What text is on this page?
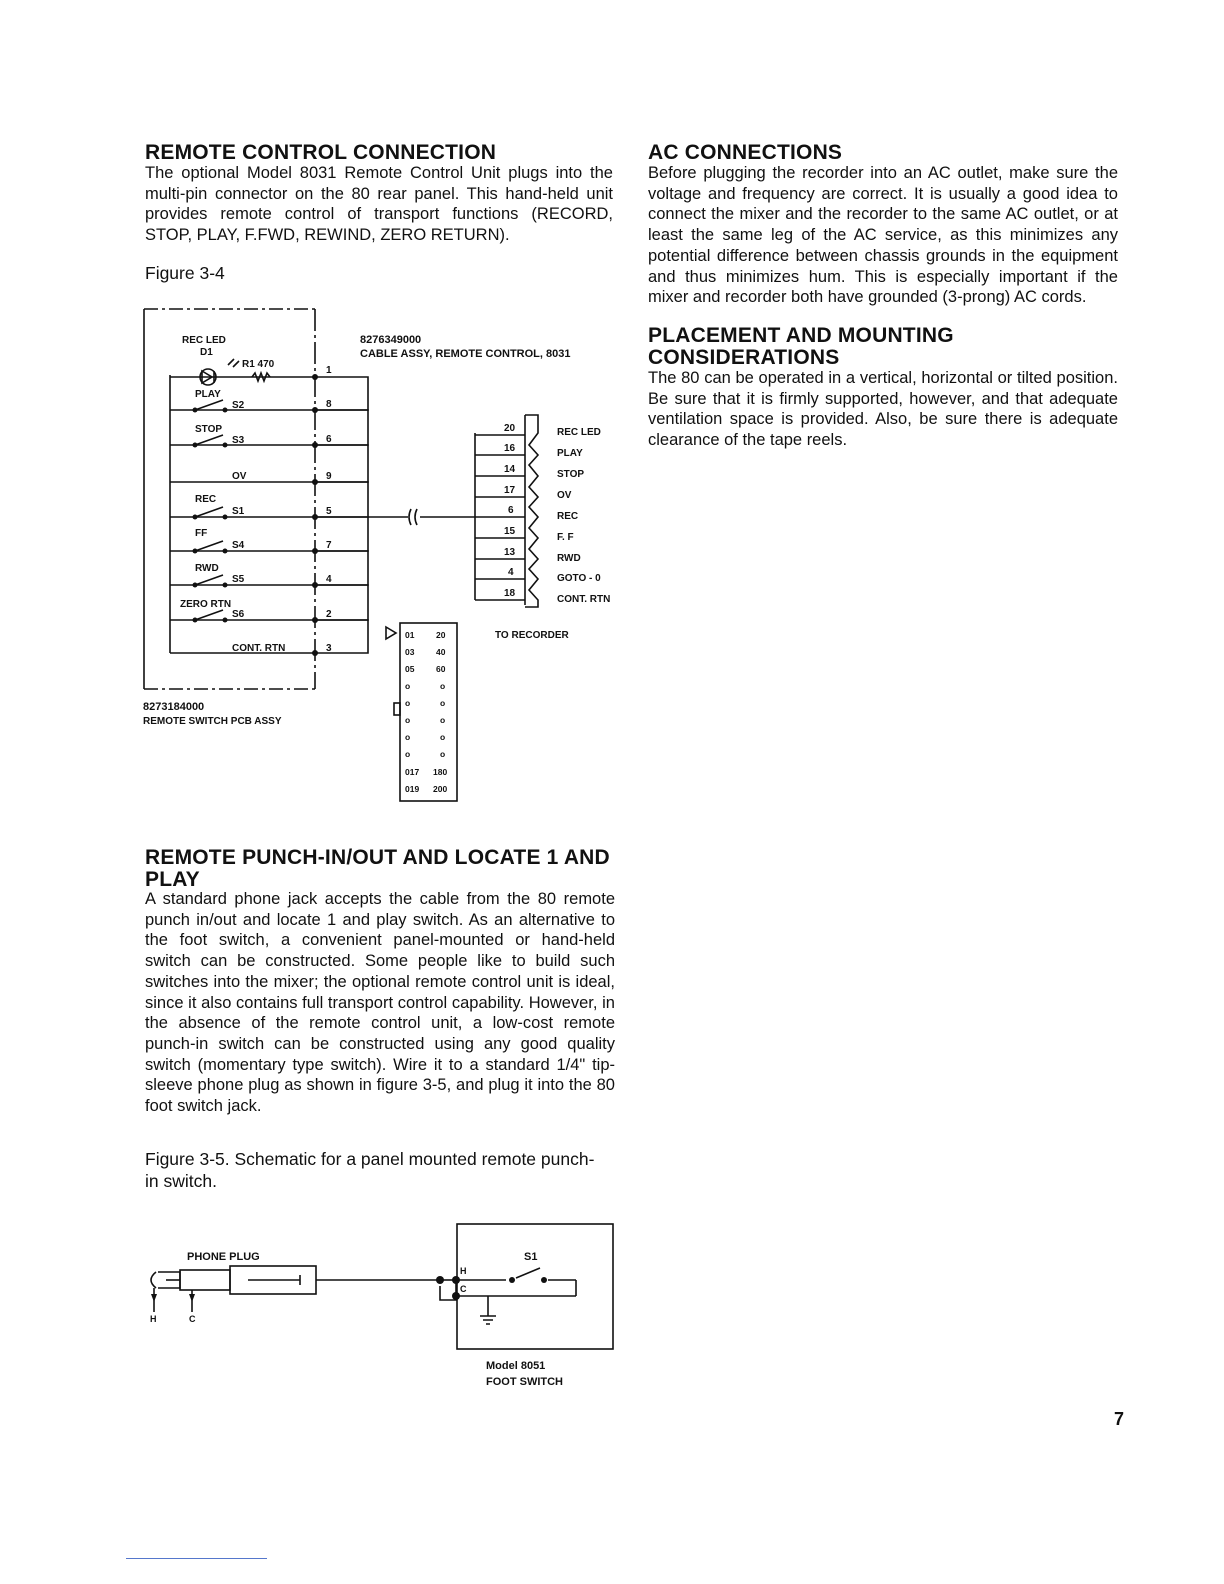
REMOTE CONTROL CONNECTION

The optional Model 8031 Remote Control Unit plugs into the multi-pin connector on the 80 rear panel. This hand-held unit provides remote control of transport functions (RECORD, STOP, PLAY, F.FWD, REWIND, ZERO RETURN).

Figure 3-4

REC LED
D1
R1 470
8276349000
CABLE ASSY, REMOTE CONTROL, 8031
PLAY
S2
STOP
S3
OV
REC
S1
FF
S4
RWD
S5
ZERO RTN
S6
CONT. RTN
1
8
6
9
5
7
4
2
3
20
16
14
17
6
15
13
4
18
REC LED
PLAY
STOP
OV
REC
F. F
RWD
GOTO - 0
CONT. RTN
TO RECORDER
8273184000
REMOTE SWITCH PCB ASSY
01	20
03	40
05	60
o	o
o	o
o	o
o	o
o	o
017 180
019 200
REMOTE PUNCH-IN/OUT AND LOCATE 1 AND PLAY

A standard phone jack accepts the cable from the 80 remote punch in/out and locate 1 and play switch. As an alternative to the foot switch, a convenient panel-mounted or hand-held switch can be constructed. Some people like to build such switches into the mixer; the optional remote control unit is ideal, since it also contains full transport control capability. However, in the absence of the remote control unit, a low-cost remote punch-in switch can be constructed using any good quality switch (momentary type switch). Wire it to a standard 1/4" tip-sleeve phone plug as shown in figure 3-5, and plug it into the 80 foot switch jack.

Figure 3-5. Schematic for a panel mounted remote punch-in switch.

PHONE PLUG
H	C
H
C
S1
Model 8051
FOOT SWITCH
AC CONNECTIONS

Before plugging the recorder into an AC outlet, make sure the voltage and frequency are correct. It is usually a good idea to connect the mixer and the recorder to the same AC outlet, or at least the same leg of the AC service, as this minimizes any potential difference between chassis grounds in the equipment and thus minimizes hum. This is especially important if the mixer and recorder both have grounded (3-prong) AC cords.

PLACEMENT AND MOUNTING CONSIDERATIONS

The 80 can be operated in a vertical, horizontal or tilted position. Be sure that it is firmly supported, however, and that adequate ventilation space is provided. Also, be sure there is adequate clearance of the tape reels.

7
